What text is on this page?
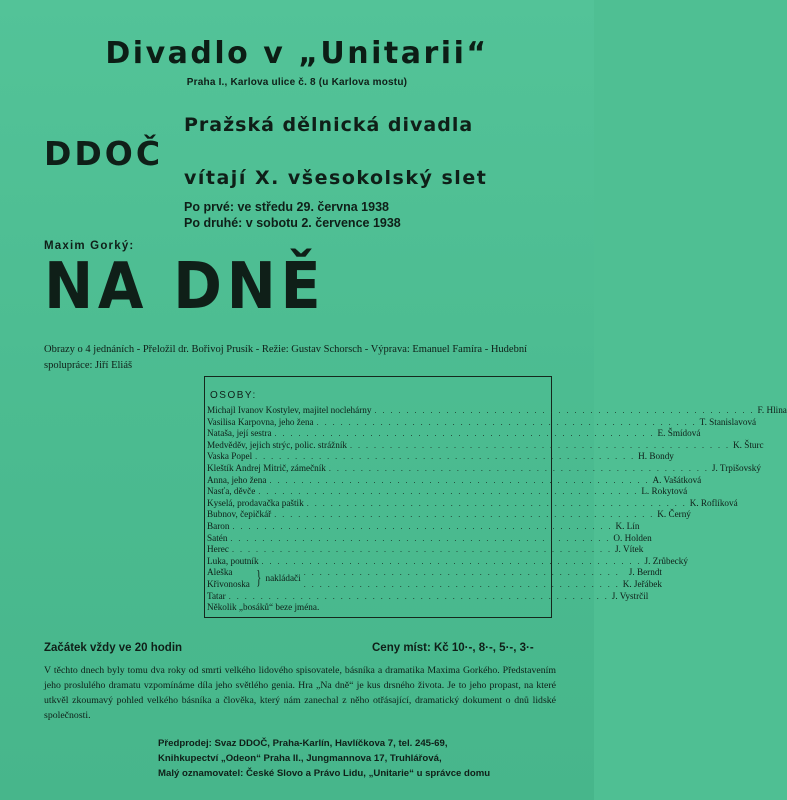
Divadlo v „Unitarii“
Praha I., Karlova ulice č. 8 (u Karlova mostu)
Pražská dělnická divadla
DDOČ
vítají X. všesokolský slet
Po prvé: ve středu 29. června 1938
Po druhé: v sobotu 2. července 1938
Maxim Gorký:
NA DNĚ
Obrazy o 4 jednáních - Přeložil dr. Bořivoj Prusík - Režie: Gustav Schorsch - Výprava: Emanuel Famíra - Hudební spolupráce: Jiří Eliáš
OSOBY:
Michajl Ivanov Kostylev, majitel noclehárny . . . . . . . . . . . . . . . . . . . . . . . . . . . . . . . . . . . . . . . . . . . . . . . . F. Hlina
Vasilisa Karpovna, jeho žena . . . . . . . . . . . . . . . . . . . . . . . . . . . . . . . . . . . . . . . . . . . . . . . . T. Stanislavová
Nataša, její sestra . . . . . . . . . . . . . . . . . . . . . . . . . . . . . . . . . . . . . . . . . . . . . . . . E. Šmídová
Medvěděv, jejich strýc, polic. strážník . . . . . . . . . . . . . . . . . . . . . . . . . . . . . . . . . . . . . . . . . . . . . . . . K. Šturc
Vaska Popel . . . . . . . . . . . . . . . . . . . . . . . . . . . . . . . . . . . . . . . . . . . . . . . . H. Bondy
Kleštík Andrej Mitrič, zámečník . . . . . . . . . . . . . . . . . . . . . . . . . . . . . . . . . . . . . . . . . . . . . . . . J. Trpišovský
Anna, jeho žena . . . . . . . . . . . . . . . . . . . . . . . . . . . . . . . . . . . . . . . . . . . . . . . . A. Vašátková
Nasťa, děvče . . . . . . . . . . . . . . . . . . . . . . . . . . . . . . . . . . . . . . . . . . . . . . . . L. Rokytová
Kyselá, prodavačka paštik . . . . . . . . . . . . . . . . . . . . . . . . . . . . . . . . . . . . . . . . . . . . . . . . K. Roflíková
Bubnov, čepičkář . . . . . . . . . . . . . . . . . . . . . . . . . . . . . . . . . . . . . . . . . . . . . . . . K. Černý
Baron . . . . . . . . . . . . . . . . . . . . . . . . . . . . . . . . . . . . . . . . . . . . . . . . K. Lín
Satén . . . . . . . . . . . . . . . . . . . . . . . . . . . . . . . . . . . . . . . . . . . . . . . . O. Holden
Herec . . . . . . . . . . . . . . . . . . . . . . . . . . . . . . . . . . . . . . . . . . . . . . . . J. Vítek
Luka, poutník . . . . . . . . . . . . . . . . . . . . . . . . . . . . . . . . . . . . . . . . . . . . . . . . J. Zrůbecký
Aleška
Křivonoska } nakládači
. . . . . . . . . . . . . . . . . . . . . . . . . . . . . . . . . . . . . . . . J. Berndt
. . . . . . . . . . . . . . . . . . . . . . . . . . . . . . . . . . . . . . . . K. Jeřábek
Tatar . . . . . . . . . . . . . . . . . . . . . . . . . . . . . . . . . . . . . . . . . . . . . . . . J. Vystrčil
Několik „bosáků“ beze jména.
Začátek vždy ve 20 hodin	Ceny míst: Kč 10·-, 8·-, 5·-, 3·-
V těchto dnech byly tomu dva roky od smrti velkého lidového spisovatele, básníka a dramatika Maxima Gorkého. Představením jeho proslulého dramatu vzpomínáme díla jeho světlého genia. Hra „Na dně“ je kus drsného života. Je to jeho propast, na které utkvěl zkoumavý pohled velkého básníka a člověka, který nám zanechal z něho otřásající, dramatický dokument o dnů lidské společnosti.
Předprodej: Svaz DDOČ, Praha-Karlín, Havlíčkova 7, tel. 245-69,
Knihkupectví „Odeon“ Praha II., Jungmannova 17, Truhlářová,
Malý oznamovatel: České Slovo a Právo Lidu, „Unitarie“ u správce domu
